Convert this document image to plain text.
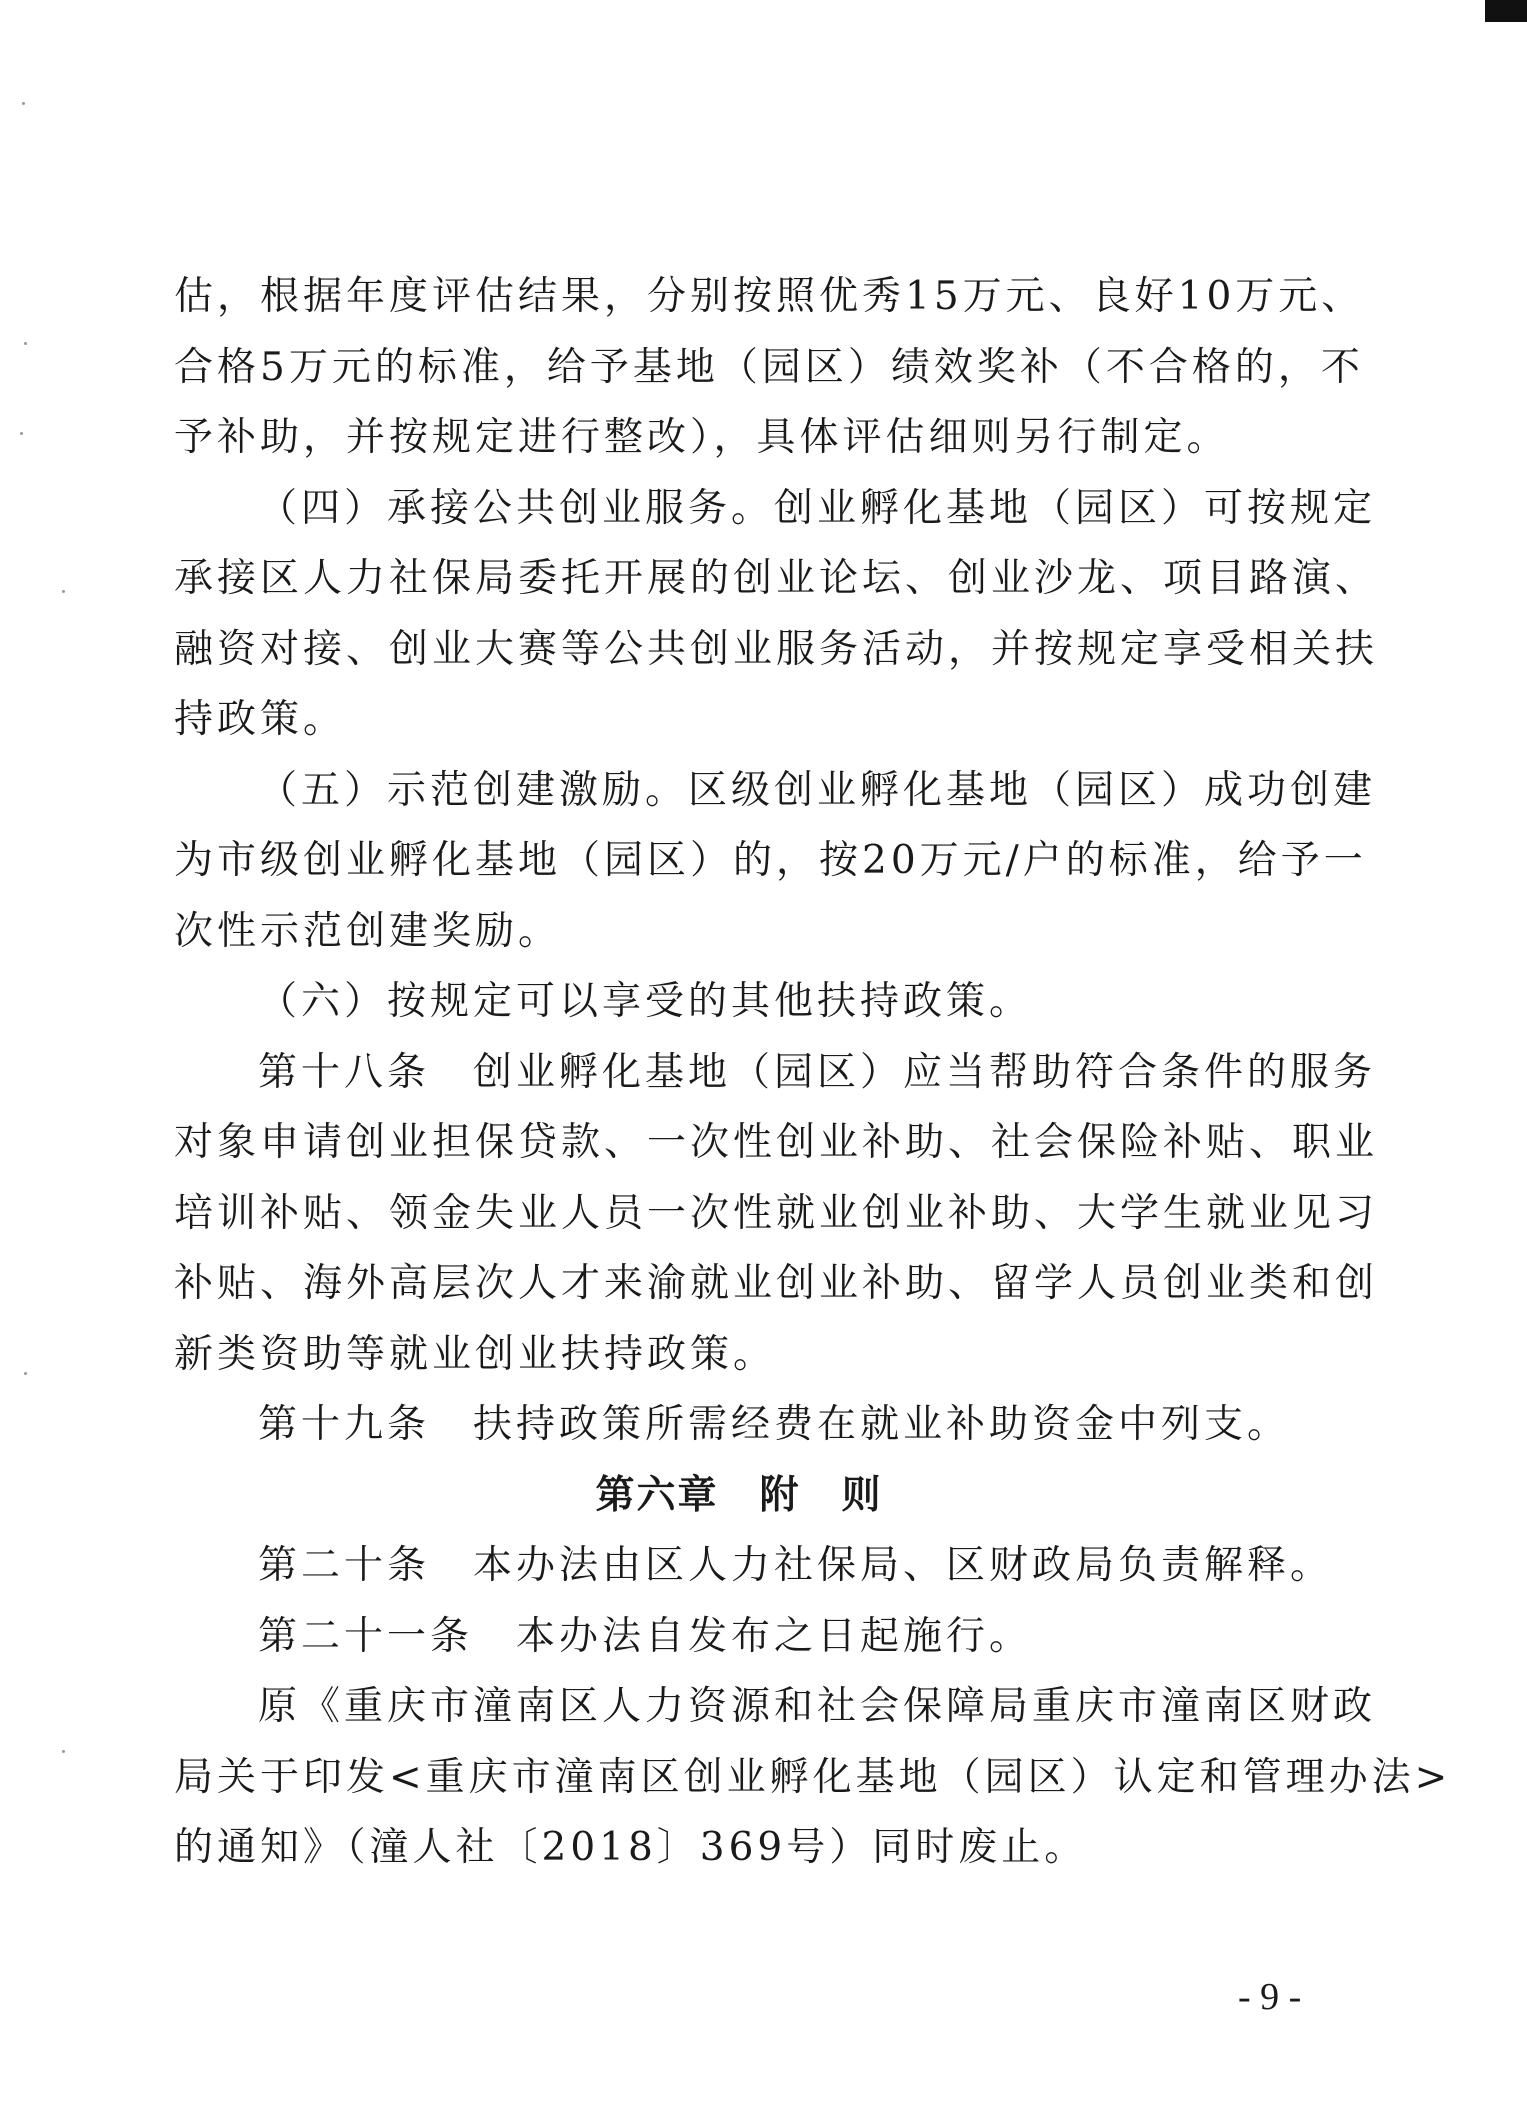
估，根据年度评估结果，分别按照优秀15万元、良好10万元、
合格5万元的标准，给予基地（园区）绩效奖补（不合格的，不
予补助，并按规定进行整改），具体评估细则另行制定。
（四）承接公共创业服务。创业孵化基地（园区）可按规定
承接区人力社保局委托开展的创业论坛、创业沙龙、项目路演、
融资对接、创业大赛等公共创业服务活动，并按规定享受相关扶
持政策。
（五）示范创建激励。区级创业孵化基地（园区）成功创建
为市级创业孵化基地（园区）的，按20万元/户的标准，给予一
次性示范创建奖励。
（六）按规定可以享受的其他扶持政策。
第十八条　创业孵化基地（园区）应当帮助符合条件的服务
对象申请创业担保贷款、一次性创业补助、社会保险补贴、职业
培训补贴、领金失业人员一次性就业创业补助、大学生就业见习
补贴、海外高层次人才来渝就业创业补助、留学人员创业类和创
新类资助等就业创业扶持政策。
第十九条　扶持政策所需经费在就业补助资金中列支。
第六章　附　则
第二十条　本办法由区人力社保局、区财政局负责解释。
第二十一条　本办法自发布之日起施行。
原《重庆市潼南区人力资源和社会保障局重庆市潼南区财政
局关于印发<重庆市潼南区创业孵化基地（园区）认定和管理办法>
的通知》（潼人社〔2018〕369号）同时废止。
- 9 -
